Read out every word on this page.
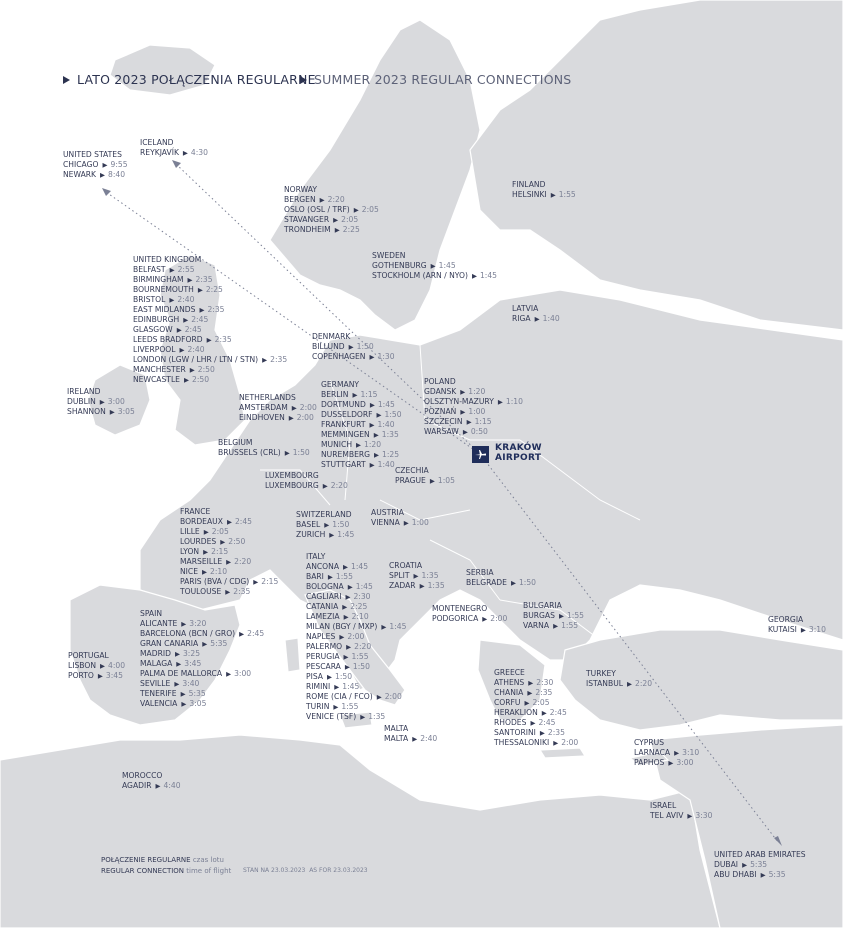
LATO 2023 POŁĄCZENIA REGULARNE
SUMMER 2023 REGULAR CONNECTIONS
KRAKÓW
AIRPORT
ICELAND
REYKJAVÍK ▶ 4:30
UNITED STATES
CHICAGO ▶ 9:55
NEWARK ▶ 8:40
NORWAY
BERGEN ▶ 2:20
OSLO (OSL / TRF) ▶ 2:05
STAVANGER ▶ 2:05
TRONDHEIM ▶ 2:25
FINLAND
HELSINKI ▶ 1:55
SWEDEN
GOTHENBURG ▶ 1:45
STOCKHOLM (ARN / NYO) ▶ 1:45
UNITED KINGDOM
BELFAST ▶ 2:55
BIRMINGHAM ▶ 2:35
BOURNEMOUTH ▶ 2:25
BRISTOL ▶ 2:40
EAST MIDLANDS ▶ 2:35
EDINBURGH ▶ 2:45
GLASGOW ▶ 2:45
LEEDS BRADFORD ▶ 2:35
LIVERPOOL ▶ 2:40
LONDON (LGW / LHR / LTN / STN) ▶ 2:35
MANCHESTER ▶ 2:50
NEWCASTLE ▶ 2:50
LATVIA
RIGA ▶ 1:40
DENMARK
BILLUND ▶ 1:50
COPENHAGEN ▶ 1:30
IRELAND
DUBLIN ▶ 3:00
SHANNON ▶ 3:05
POLAND
GDANSK ▶ 1:20
OLSZTYN-MAZURY ▶ 1:10
POZNAŃ ▶ 1:00
SZCZECIN ▶ 1:15
WARSAW ▶ 0:50
NETHERLANDS
AMSTERDAM ▶ 2:00
EINDHOVEN ▶ 2:00
GERMANY
BERLIN ▶ 1:15
DORTMUND ▶ 1:45
DUSSELDORF ▶ 1:50
FRANKFURT ▶ 1:40
MEMMINGEN ▶ 1:35
MUNICH ▶ 1:20
NUREMBERG ▶ 1:25
STUTTGART ▶ 1:40
BELGIUM
BRUSSELS (CRL) ▶ 1:50
CZECHIA
PRAGUE ▶ 1:05
LUXEMBOURG
LUXEMBOURG ▶ 2:20
FRANCE
BORDEAUX ▶ 2:45
LILLE ▶ 2:05
LOURDES ▶ 2:50
LYON ▶ 2:15
MARSEILLE ▶ 2:20
NICE ▶ 2:10
PARIS (BVA / CDG) ▶ 2:15
TOULOUSE ▶ 2:35
SWITZERLAND
BASEL ▶ 1:50
ZURICH ▶ 1:45
AUSTRIA
VIENNA ▶ 1:00
ITALY
ANCONA ▶ 1:45
BARI ▶ 1:55
BOLOGNA ▶ 1:45
CAGLIARI ▶ 2:30
CATANIA ▶ 2:25
LAMEZIA ▶ 2:10
MILAN (BGY / MXP) ▶ 1:45
NAPLES ▶ 2:00
PALERMO ▶ 2:20
PERUGIA ▶ 1:55
PESCARA ▶ 1:50
PISA ▶ 1:50
RIMINI ▶ 1:45
ROME (CIA / FCO) ▶ 2:00
TURIN ▶ 1:55
VENICE (TSF) ▶ 1:35
CROATIA
SPLIT ▶ 1:35
ZADAR ▶ 1:35
SERBIA
BELGRADE ▶ 1:50
SPAIN
ALICANTE ▶ 3:20
BARCELONA (BCN / GRO) ▶ 2:45
GRAN CANARIA ▶ 5:35
MADRID ▶ 3:25
MALAGA ▶ 3:45
PALMA DE MALLORCA ▶ 3:00
SEVILLE ▶ 3:40
TENERIFE ▶ 5:35
VALENCIA ▶ 3:05
MONTENEGRO
PODGORICA ▶ 2:00
BULGARIA
BURGAS ▶ 1:55
VARNA ▶ 1:55
GEORGIA
KUTAISI ▶ 3:10
PORTUGAL
LISBON ▶ 4:00
PORTO ▶ 3:45	GREECE
ATHENS ▶ 2:30
CHANIA ▶ 2:35
CORFU ▶ 2:05
HERAKLION ▶ 2:45
RHODES ▶ 2:45
SANTORINI ▶ 2:35
THESSALONIKI ▶ 2:00
TURKEY
ISTANBUL ▶ 2:20
MALTA
MALTA ▶ 2:40	CYPRUS
LARNACA ▶ 3:10
PAPHOS ▶ 3:00
MOROCCO
AGADIR ▶ 4:40
ISRAEL
TEL AVIV ▶ 3:30
UNITED ARAB EMIRATES
DUBAI ▶ 5:35
ABU DHABI ▶ 5:35
POŁĄCZENIE REGULARNE czas lotu
REGULAR CONNECTION time of flight STAN NA 23.03.2023 AS FOR 23.03.2023
